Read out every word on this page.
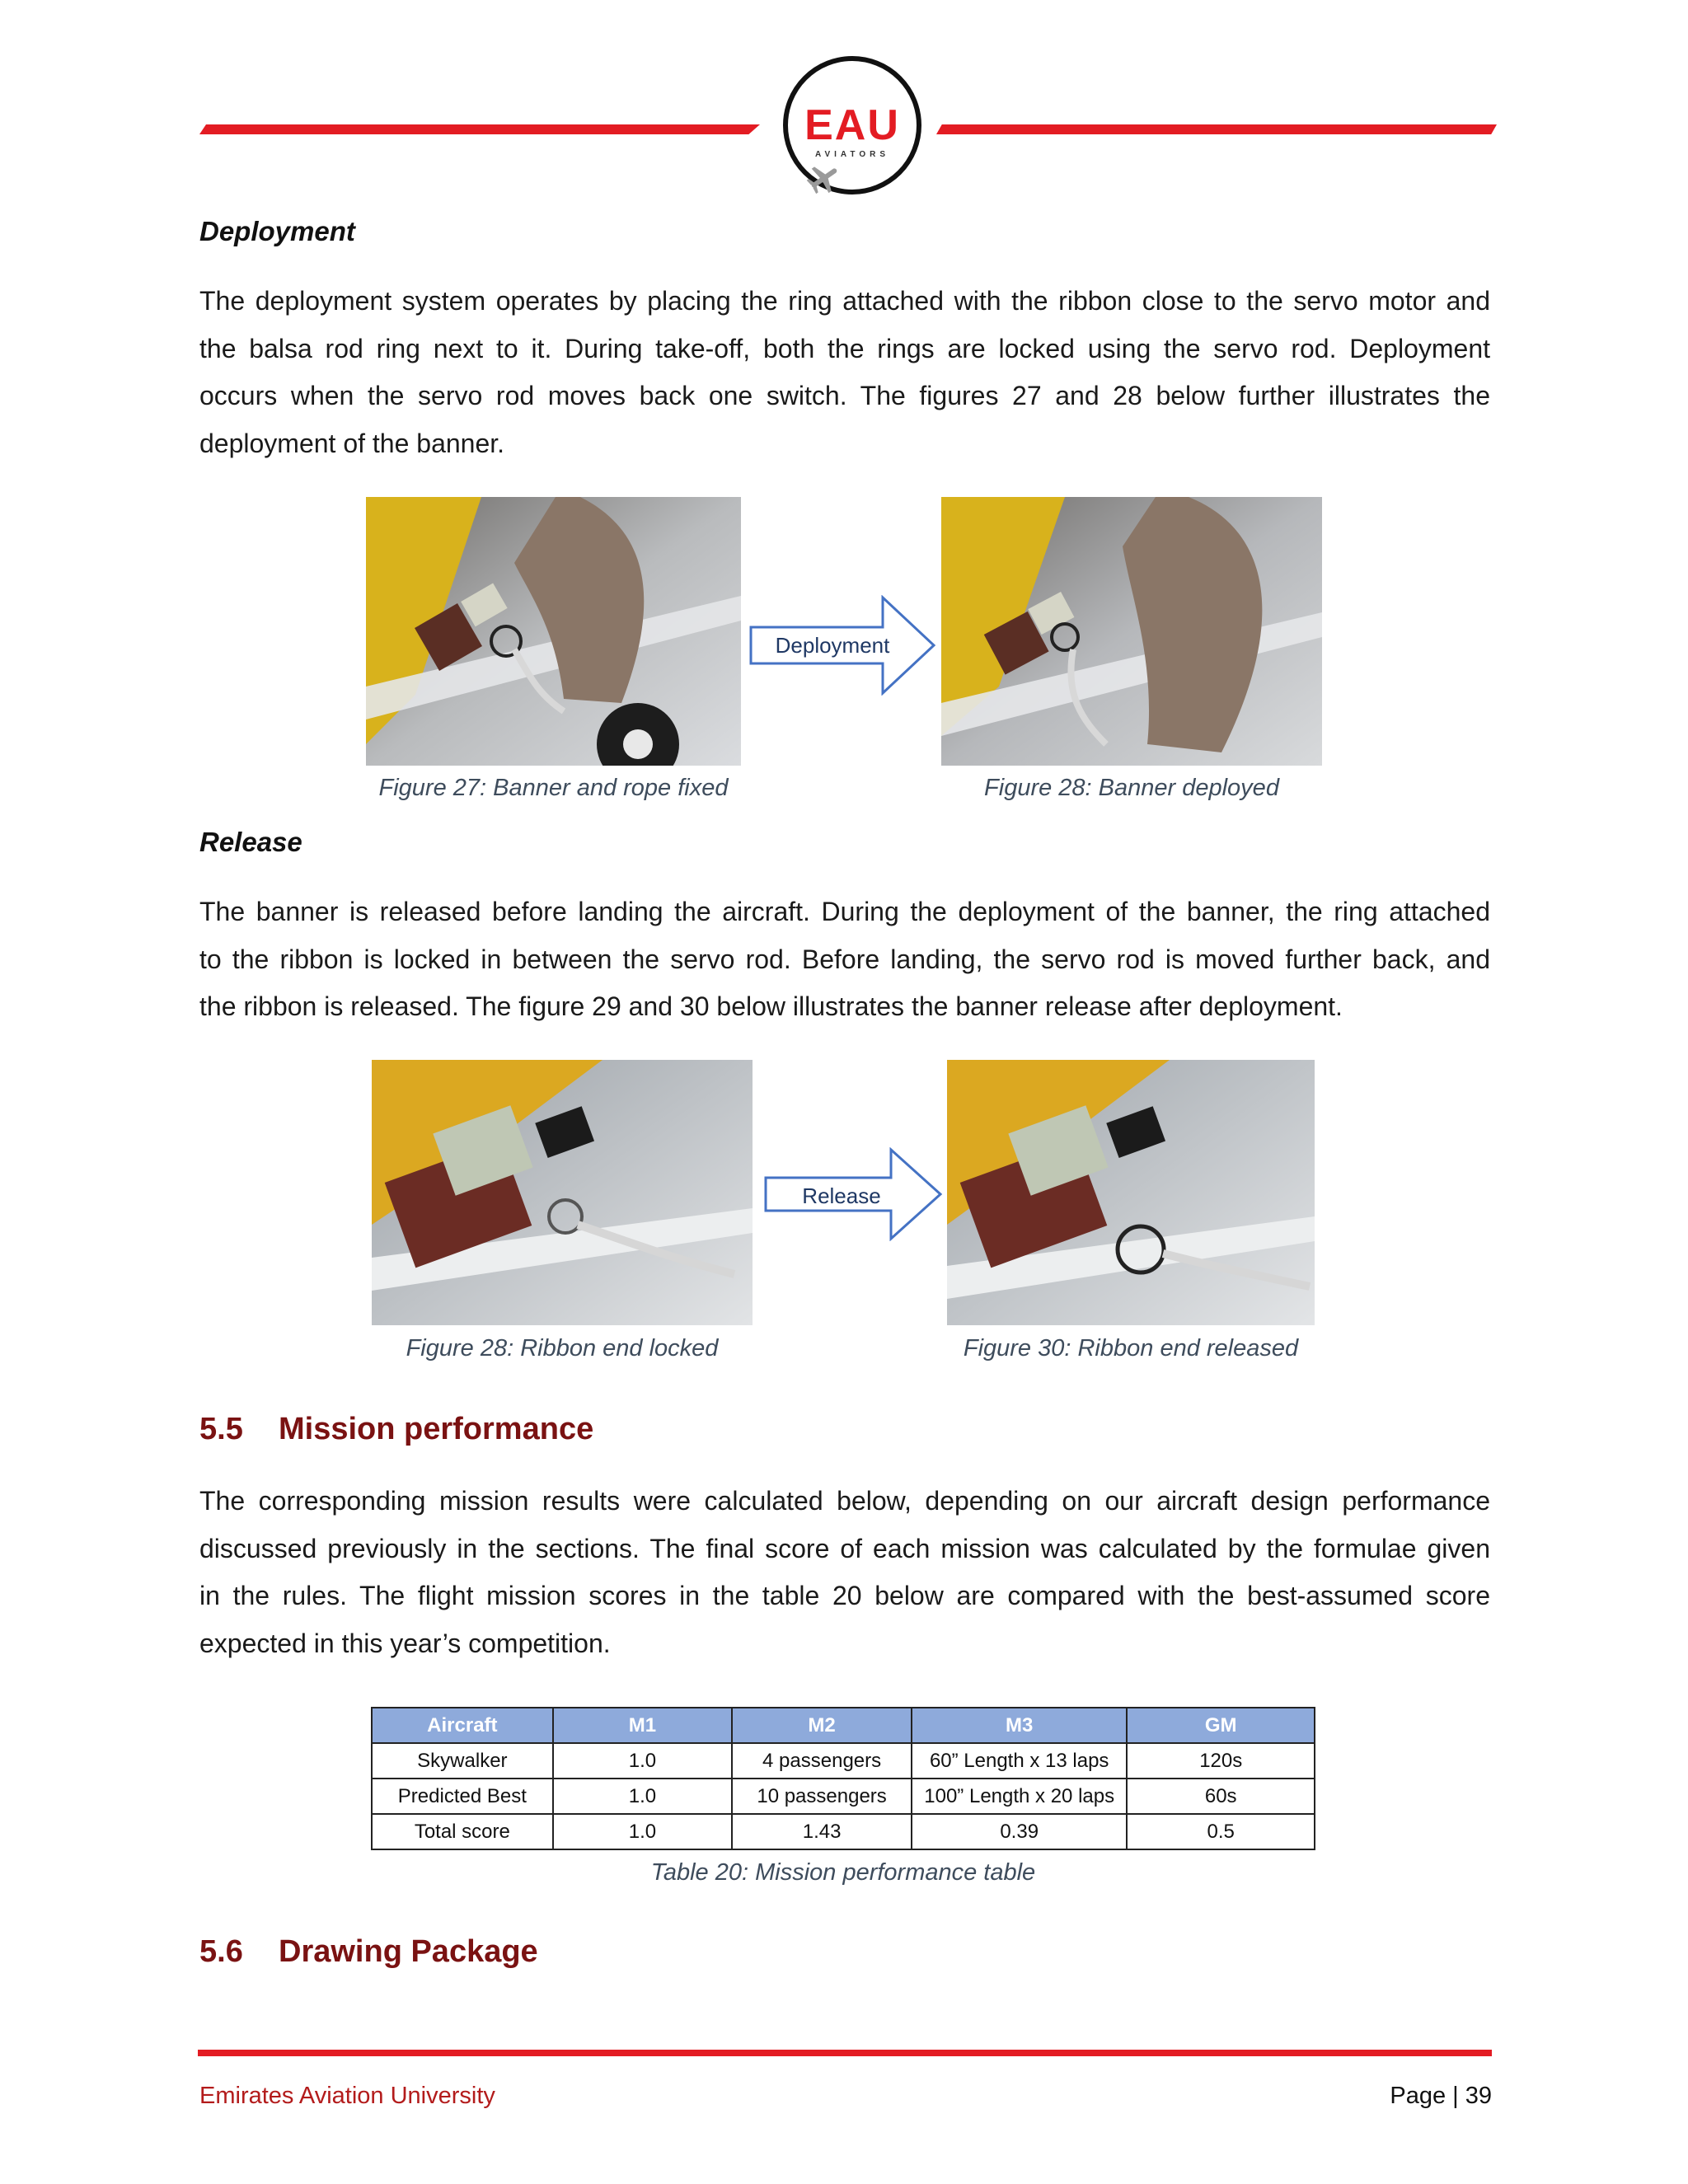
EAU
AVIATORS
Deployment
The deployment system operates by placing the ring attached with the ribbon close to the servo motor and
the balsa rod ring next to it. During take-off, both the rings are locked using the servo rod. Deployment
occurs when the servo rod moves back one switch. The figures 27 and 28 below further illustrates the
deployment of the banner.
Deployment
Figure 27: Banner and rope fixed	Figure 28: Banner deployed
Release
The banner is released before landing the aircraft. During the deployment of the banner, the ring attached
to the ribbon is locked in between the servo rod. Before landing, the servo rod is moved further back, and
the ribbon is released. The figure 29 and 30 below illustrates the banner release after deployment.
Release
Figure 28: Ribbon end locked	Figure 30: Ribbon end released
5.5 Mission performance
The corresponding mission results were calculated below, depending on our aircraft design performance
discussed previously in the sections. The final score of each mission was calculated by the formulae given
in the rules. The flight mission scores in the table 20 below are compared with the best-assumed score
expected in this year’s competition.
Aircraft	M1	M2	M3	GM
Skywalker	1.0	4 passengers	60” Length x 13 laps	120s
Predicted Best	1.0	10 passengers	100” Length x 20 laps	60s
Total score	1.0	1.43	0.39	0.5
Table 20: Mission performance table
5.6 Drawing Package
Emirates Aviation University	Page | 39
